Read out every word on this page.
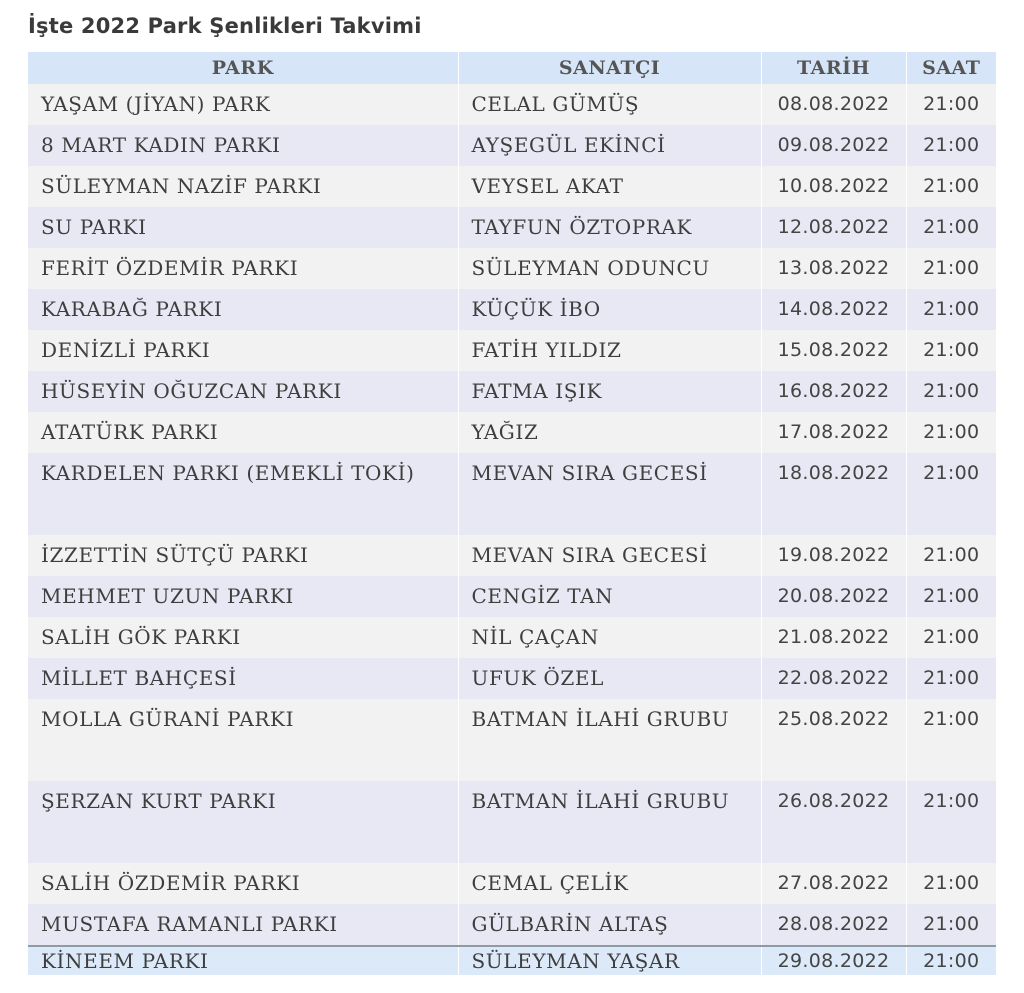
İşte 2022 Park Şenlikleri Takvimi
PARK	SANATÇI	TARİH	SAAT
YAŞAM (JİYAN) PARK	CELAL GÜMÜŞ	08.08.2022	21:00
8 MART KADIN PARKI	AYŞEGÜL EKİNCİ	09.08.2022	21:00
SÜLEYMAN NAZİF PARKI	VEYSEL AKAT	10.08.2022	21:00
SU PARKI	TAYFUN ÖZTOPRAK	12.08.2022	21:00
FERİT ÖZDEMİR PARKI	SÜLEYMAN ODUNCU	13.08.2022	21:00
KARABAĞ PARKI	KÜÇÜK İBO	14.08.2022	21:00
DENİZLİ PARKI	FATİH YILDIZ	15.08.2022	21:00
HÜSEYİN OĞUZCAN PARKI	FATMA IŞIK	16.08.2022	21:00
ATATÜRK PARKI	YAĞIZ	17.08.2022	21:00
KARDELEN PARKI (EMEKLİ TOKİ)	MEVAN SIRA GECESİ	18.08.2022	21:00
İZZETTİN SÜTÇÜ PARKI	MEVAN SIRA GECESİ	19.08.2022	21:00
MEHMET UZUN PARKI	CENGİZ TAN	20.08.2022	21:00
SALİH GÖK PARKI	NİL ÇAÇAN	21.08.2022	21:00
MİLLET BAHÇESİ	UFUK ÖZEL	22.08.2022	21:00
MOLLA GÜRANİ PARKI	BATMAN İLAHİ GRUBU	25.08.2022	21:00
ŞERZAN KURT PARKI	BATMAN İLAHİ GRUBU	26.08.2022	21:00
SALİH ÖZDEMİR PARKI	CEMAL ÇELİK	27.08.2022	21:00
MUSTAFA RAMANLI PARKI	GÜLBARİN ALTAŞ	28.08.2022	21:00
KİNEEM PARKI	SÜLEYMAN YAŞAR	29.08.2022	21:00
